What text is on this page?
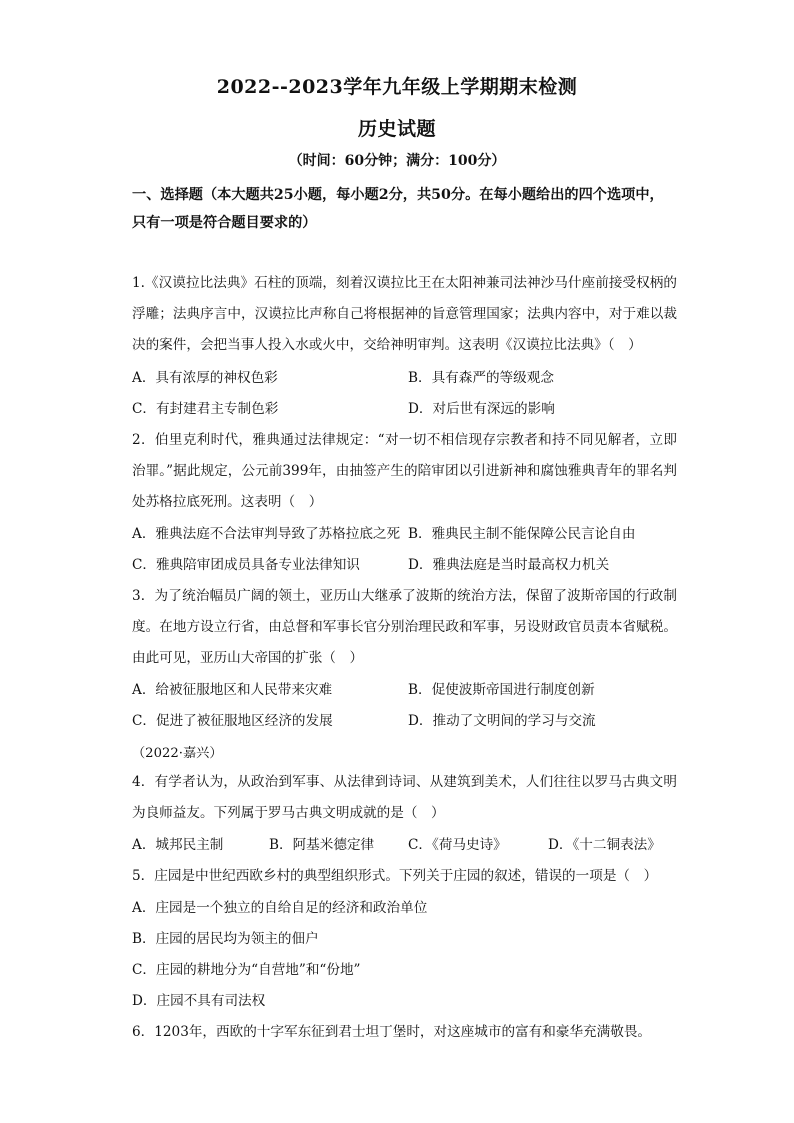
2022--2023学年九年级上学期期末检测
历史试题
（时间：60分钟；满分：100分）
一、选择题（本大题共25小题，每小题2分，共50分。在每小题给出的四个选项中，只有一项是符合题目要求的）
1.《汉谟拉比法典》石柱的顶端，刻着汉谟拉比王在太阳神兼司法神沙马什座前接受权柄的浮雕；法典序言中，汉谟拉比声称自己将根据神的旨意管理国家；法典内容中，对于难以裁决的案件，会把当事人投入水或火中，交给神明审判。这表明《汉谟拉比法典》（　）
A．具有浓厚的神权色彩	B．具有森严的等级观念
C．有封建君主专制色彩	D．对后世有深远的影响
2．伯里克利时代，雅典通过法律规定：“对一切不相信现存宗教者和持不同见解者，立即治罪。”据此规定，公元前399年，由抽签产生的陪审团以引进新神和腐蚀雅典青年的罪名判处苏格拉底死刑。这表明（　）
A．雅典法庭不合法审判导致了苏格拉底之死 B．雅典民主制不能保障公民言论自由
C．雅典陪审团成员具备专业法律知识	D．雅典法庭是当时最高权力机关
3．为了统治幅员广阔的领土，亚历山大继承了波斯的统治方法，保留了波斯帝国的行政制度。在地方设立行省，由总督和军事长官分别治理民政和军事，另设财政官员责本省赋税。由此可见，亚历山大帝国的扩张（　）
A．给被征服地区和人民带来灾难	B．促使波斯帝国进行制度创新
C．促进了被征服地区经济的发展	D．推动了文明间的学习与交流
（2022·嘉兴）
4．有学者认为，从政治到军事、从法律到诗词、从建筑到美术，人们往往以罗马古典文明为良师益友。下列属于罗马古典文明成就的是（　）
A．城邦民主制	B．阿基米德定律 C．《荷马史诗》	D．《十二铜表法》
5．庄园是中世纪西欧乡村的典型组织形式。下列关于庄园的叙述，错误的一项是（　）
A．庄园是一个独立的自给自足的经济和政治单位
B．庄园的居民均为领主的佃户
C．庄园的耕地分为“自营地”和“份地”
D．庄园不具有司法权
6．1203年，西欧的十字军东征到君士坦丁堡时，对这座城市的富有和豪华充满敬畏。
